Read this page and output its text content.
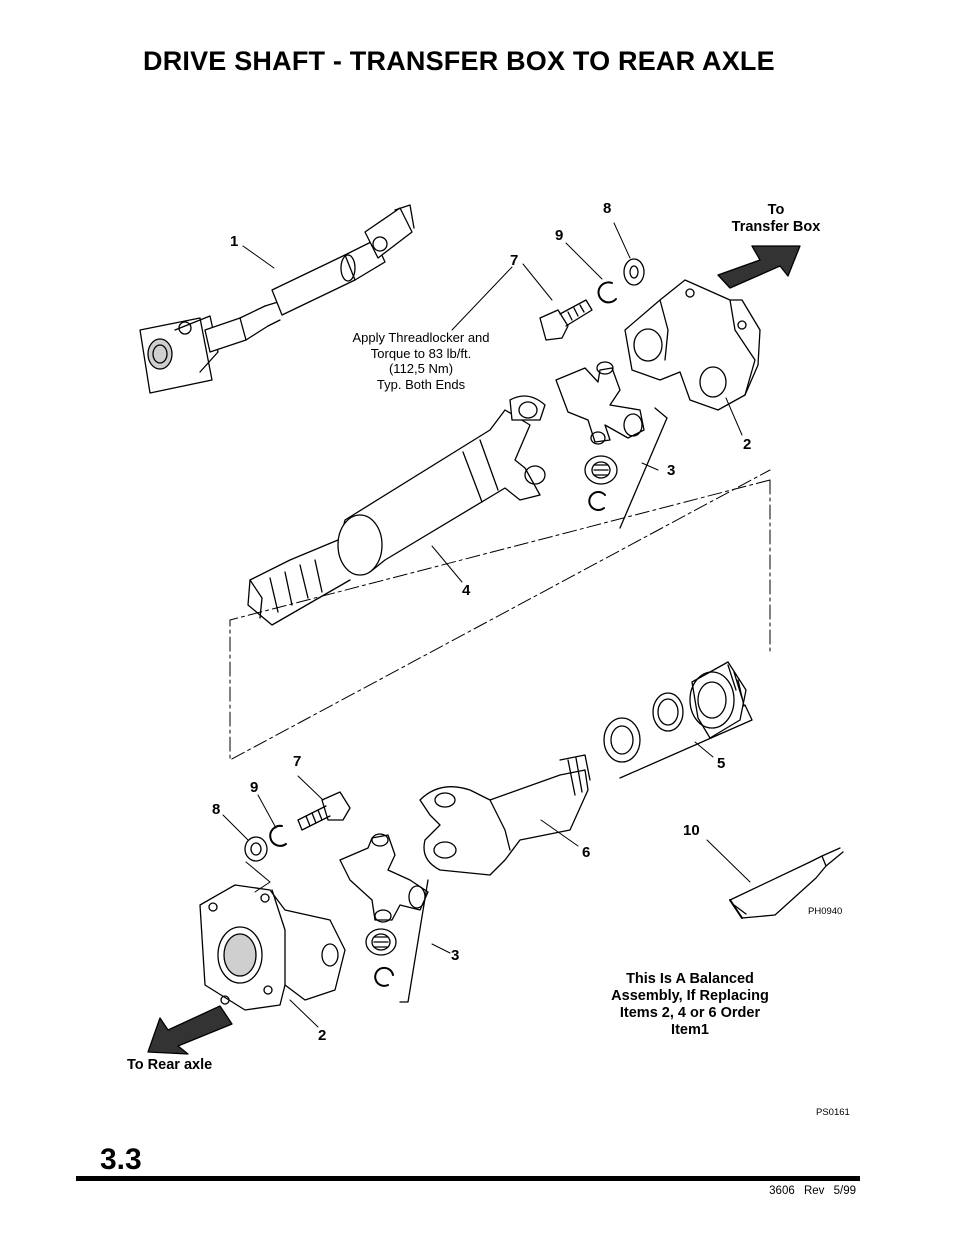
DRIVE SHAFT - TRANSFER BOX TO REAR AXLE
1
2
2
3
3
4
5
6
7
7
8
8
9
9
10
To
Transfer Box
To Rear axle
Apply Threadlocker and
Torque to 83 lb/ft.
(112,5 Nm)
Typ. Both Ends
This Is A Balanced
Assembly, If Replacing
Items 2, 4 or 6 Order
Item1
PH0940
PS0161
3.3
3606 Rev 5/99
